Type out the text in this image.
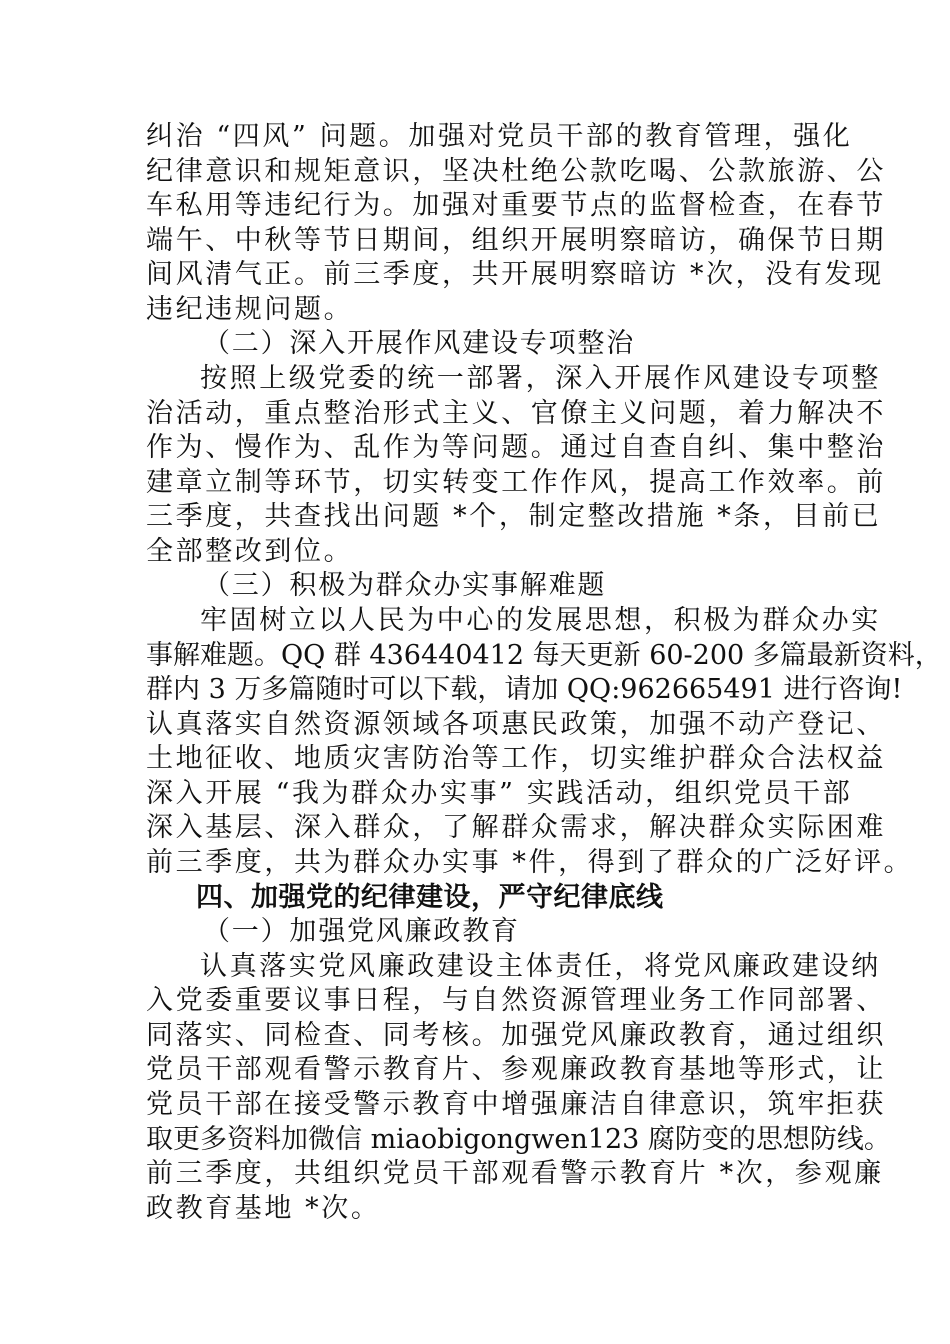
纠治 “四风” 问题。加强对党员干部的教育管理，强化
纪律意识和规矩意识，坚决杜绝公款吃喝、公款旅游、公
车私用等违纪行为。加强对重要节点的监督检查，在春节
端午、中秋等节日期间，组织开展明察暗访，确保节日期
间风清气正。前三季度，共开展明察暗访 *次，没有发现
违纪违规问题。
（二）深入开展作风建设专项整治
按照上级党委的统一部署，深入开展作风建设专项整
治活动，重点整治形式主义、官僚主义问题，着力解决不
作为、慢作为、乱作为等问题。通过自查自纠、集中整治
建章立制等环节，切实转变工作作风，提高工作效率。前
三季度，共查找出问题 *个，制定整改措施 *条，目前已
全部整改到位。
（三）积极为群众办实事解难题
牢固树立以人民为中心的发展思想，积极为群众办实
事解难题。QQ 群 436440412 每天更新 60-200 多篇最新资料，
群内 3 万多篇随时可以下载，请加 QQ:962665491 进行咨询!
认真落实自然资源领域各项惠民政策，加强不动产登记、
土地征收、地质灾害防治等工作，切实维护群众合法权益
深入开展 “我为群众办实事” 实践活动，组织党员干部
深入基层、深入群众，了解群众需求，解决群众实际困难
前三季度，共为群众办实事 *件，得到了群众的广泛好评。
四、加强党的纪律建设，严守纪律底线
（一）加强党风廉政教育
认真落实党风廉政建设主体责任，将党风廉政建设纳
入党委重要议事日程，与自然资源管理业务工作同部署、
同落实、同检查、同考核。加强党风廉政教育，通过组织
党员干部观看警示教育片、参观廉政教育基地等形式，让
党员干部在接受警示教育中增强廉洁自律意识，筑牢拒获
取更多资料加微信 miaobigongwen123 腐防变的思想防线。
前三季度，共组织党员干部观看警示教育片 *次，参观廉
政教育基地 *次。
